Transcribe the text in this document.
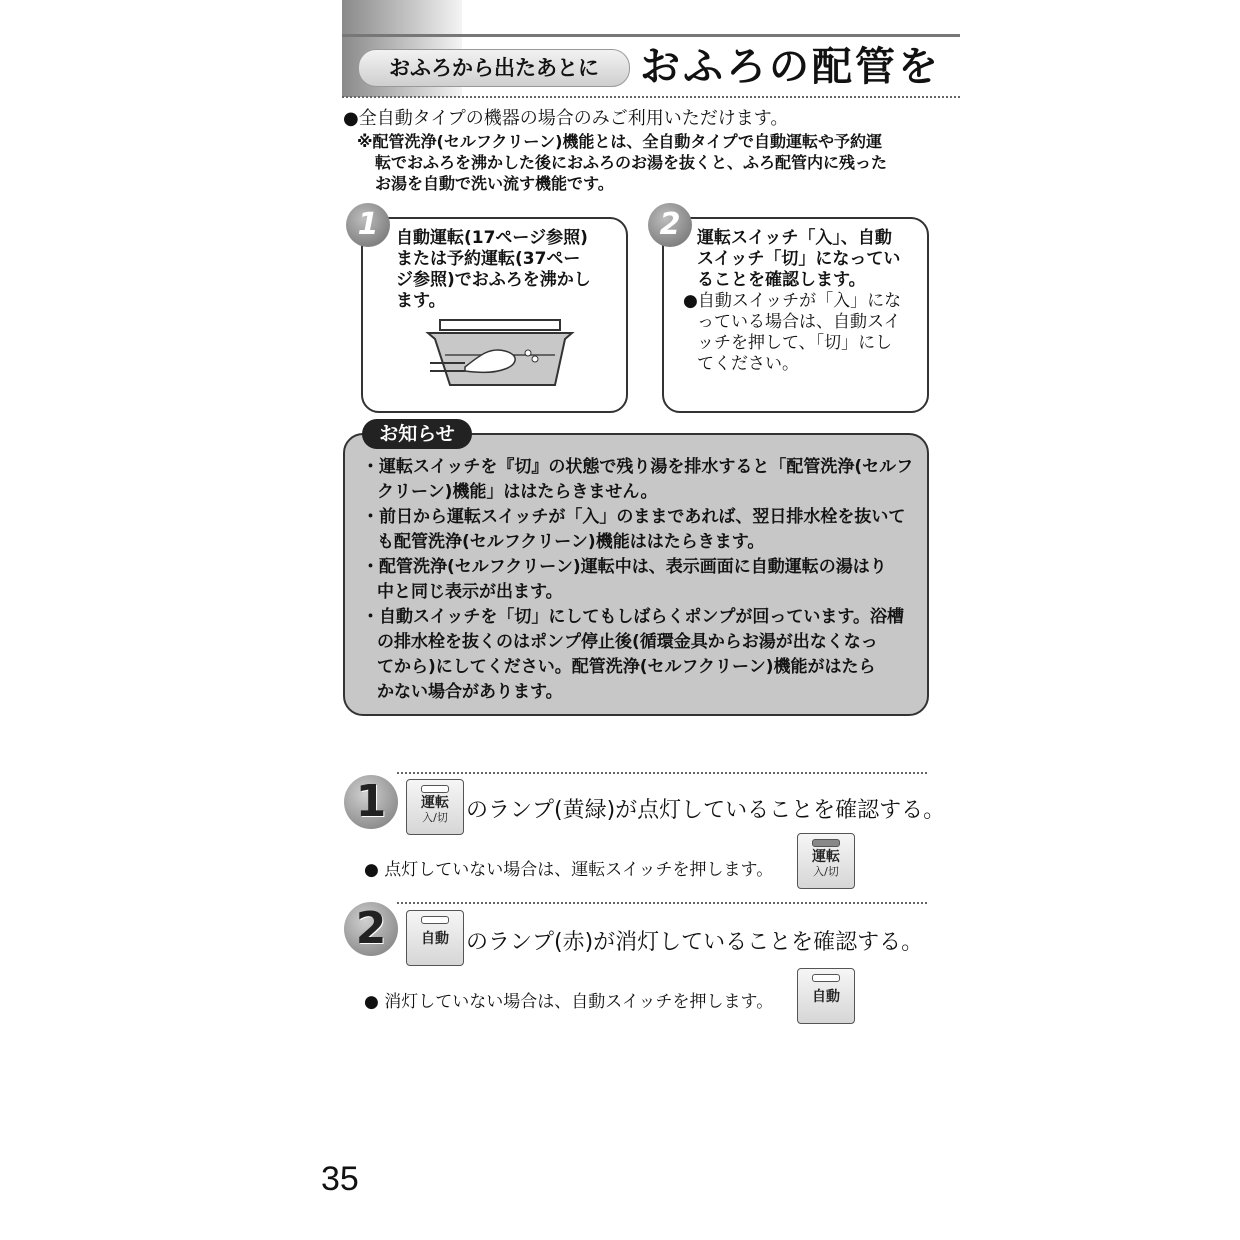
おふろから出たあとに	おふろの配管を
●全自動タイプの機器の場合のみご利用いただけます。
※配管洗浄(セルフクリーン)機能とは、全自動タイプで自動運転や予約運
転でおふろを沸かした後におふろのお湯を抜くと、ふろ配管内に残った
お湯を自動で洗い流す機能です。
1	自動運転(17ページ参照)
または予約運転(37ペー
ジ参照)でおふろを沸かし
ます。
2 運転スイッチ「入」、自動
スイッチ「切」になってい
ることを確認します。
●自動スイッチが「入」にな
っている場合は、自動スイ
ッチを押して、「切」にし
てください。
お知らせ
・運転スイッチを『切』の状態で残り湯を排水すると「配管洗浄(セルフ
クリーン)機能」ははたらきません。
・前日から運転スイッチが「入」のままであれば、翌日排水栓を抜いて
も配管洗浄(セルフクリーン)機能ははたらきます。
・配管洗浄(セルフクリーン)運転中は、表示画面に自動運転の湯はり
中と同じ表示が出ます。
・自動スイッチを「切」にしてもしばらくポンプが回っています。浴槽
の排水栓を抜くのはポンプ停止後(循環金具からお湯が出なくなっ
てから)にしてください。配管洗浄(セルフクリーン)機能がはたら
かない場合があります。
1	運転
入/切 のランプ(黄緑)が点灯していることを確認する。
● 点灯していない場合は、運転スイッチを押します。
運転
入/切
2	自動 のランプ(赤)が消灯していることを確認する。
● 消灯していない場合は、自動スイッチを押します。	自動
35
